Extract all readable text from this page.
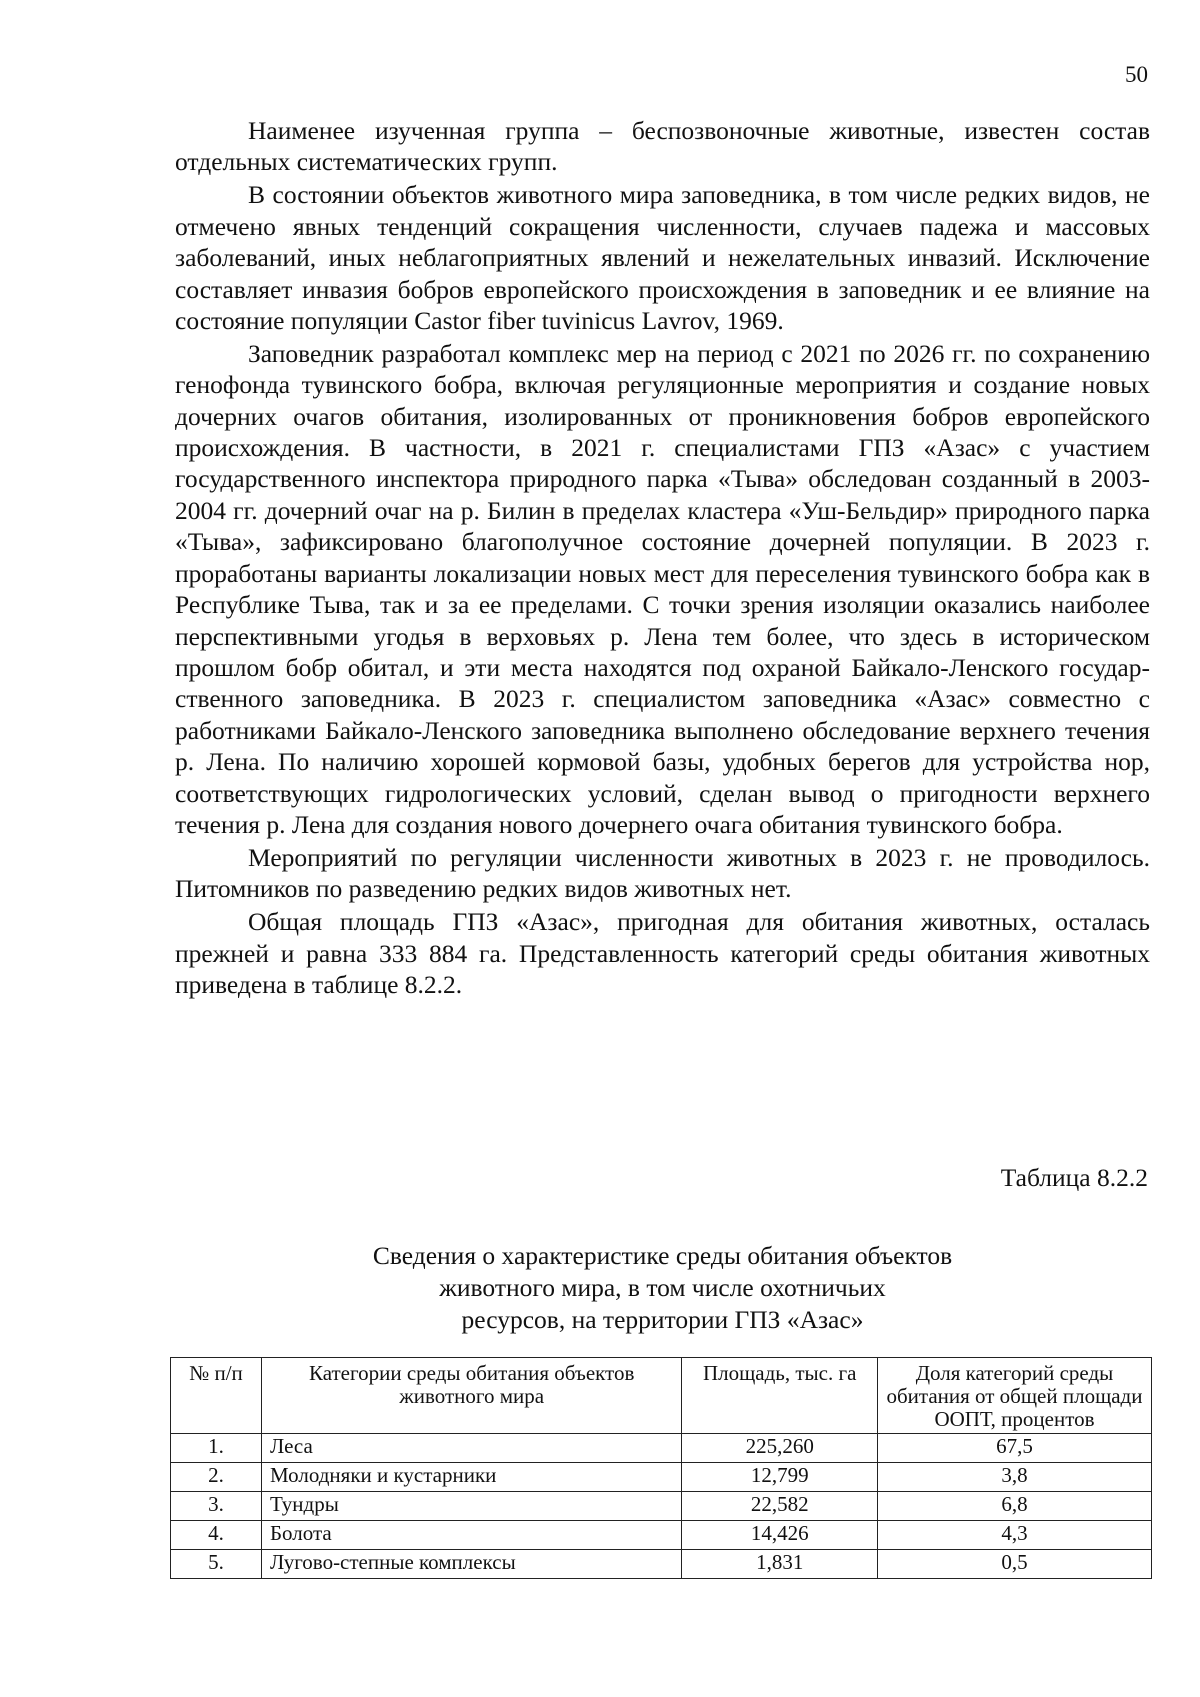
50

Наименее изученная группа – беспозвоночные животные, известен состав отдельных систематических групп.

В состоянии объектов животного мира заповедника, в том числе редких видов, не отмечено явных тенденций сокращения численности, случаев падежа и массовых заболеваний, иных неблагоприятных явлений и нежелательных инвазий. Исключение составляет инвазия бобров европейского происхождения в заповедник и ее влияние на состояние популяции Castor fiber tuvinicus Lavrov, 1969.

Заповедник разработал комплекс мер на период с 2021 по 2026 гг. по сохранению генофонда тувинского бобра, включая регуляционные мероприятия и создание новых дочерних очагов обитания, изолированных от проникновения бобров европейского происхождения. В частности, в 2021 г. специалистами ГПЗ «Азас» с участием государственного инспектора природного парка «Тыва» обследован созданный в 2003-2004 гг. дочерний очаг на р. Билин в пределах кластера «Уш-Бельдир» природного парка «Тыва», зафиксировано благополучное состояние дочерней популяции. В 2023 г. проработаны варианты локализации новых мест для переселения тувинского бобра как в Республике Тыва, так и за ее пределами. С точки зрения изоляции оказались наиболее перспективными угодья в верховьях р. Лена тем более, что здесь в историческом прошлом бобр обитал, и эти места находятся под охраной Байкало-Ленского государственного заповедника. В 2023 г. специалистом заповедника «Азас» совместно с работниками Байкало-Ленского заповедника выполнено обследование верхнего течения р. Лена. По наличию хорошей кормовой базы, удобных берегов для устройства нор, соответствующих гидрологических условий, сделан вывод о пригодности верхнего течения р. Лена для создания нового дочернего очага обитания тувинского бобра.

Мероприятий по регуляции численности животных в 2023 г. не проводилось. Питомников по разведению редких видов животных нет.

Общая площадь ГПЗ «Азас», пригодная для обитания животных, осталась прежней и равна 333 884 га. Представленность категорий среды обитания животных приведена в таблице 8.2.2.

Таблица 8.2.2
Сведения о характеристике среды обитания объектов
животного мира, в том числе охотничьих
ресурсов, на территории ГПЗ «Азас»
№ п/п	Категории среды обитания объектов животного мира	Площадь, тыс. га	Доля категорий среды обитания от общей площади ООПТ, процентов
1.	Леса	225,260	67,5
2.	Молодняки и кустарники	12,799	3,8
3.	Тундры	22,582	6,8
4.	Болота	14,426	4,3
5.	Лугово-степные комплексы	1,831	0,5
